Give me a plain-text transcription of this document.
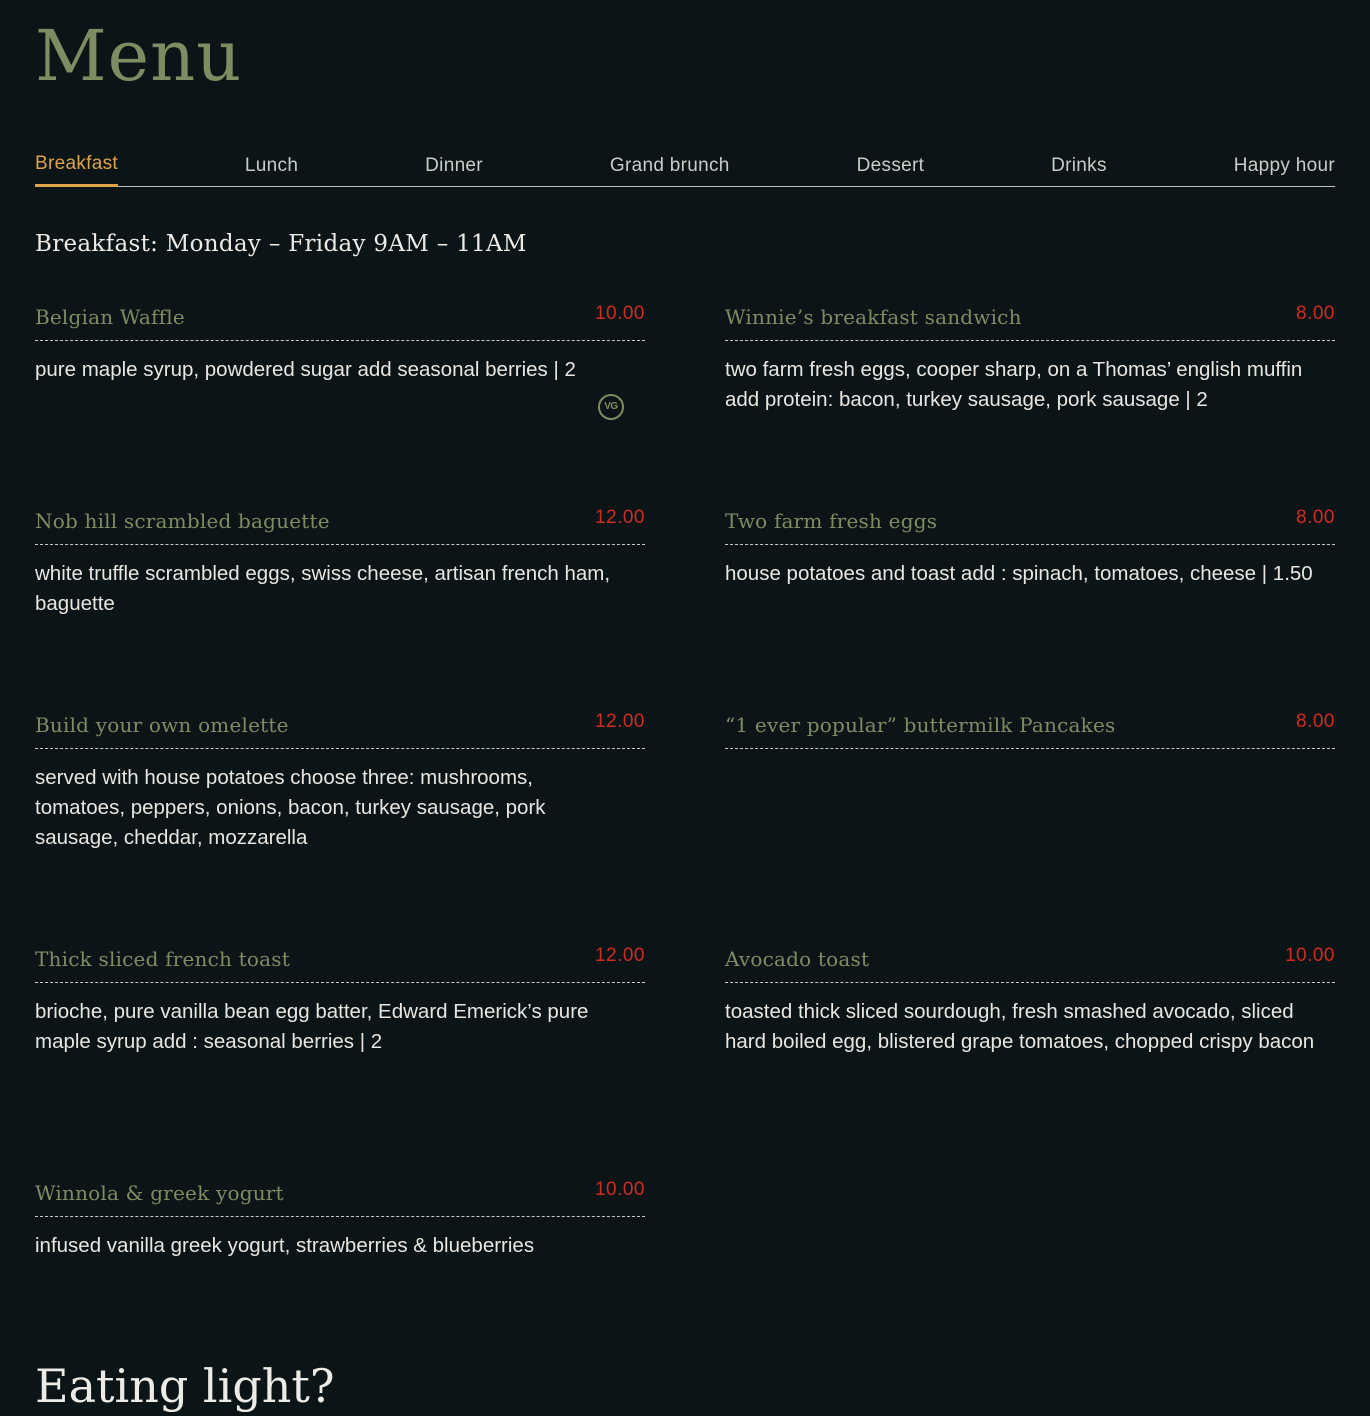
Menu
Breakfast	Lunch	Dinner	Grand brunch	Dessert	Drinks	Happy hour
Breakfast: Monday – Friday 9AM – 11AM
Belgian Waffle	10.00
pure maple syrup, powdered sugar add seasonal berries | 2
VG
Winnie’s breakfast sandwich	8.00
two farm fresh eggs, cooper sharp, on a Thomas’ english muffin add protein: bacon, turkey sausage, pork sausage | 2
Nob hill scrambled baguette	12.00
white truffle scrambled eggs, swiss cheese, artisan french ham, baguette
Two farm fresh eggs	8.00
house potatoes and toast add : spinach, tomatoes, cheese | 1.50
Build your own omelette	12.00
served with house potatoes choose three: mushrooms, tomatoes, peppers, onions, bacon, turkey sausage, pork sausage, cheddar, mozzarella
“1 ever popular” buttermilk Pancakes	8.00
Thick sliced french toast	12.00
brioche, pure vanilla bean egg batter, Edward Emerick’s pure maple syrup add : seasonal berries | 2
Avocado toast	10.00
toasted thick sliced sourdough, fresh smashed avocado, sliced hard boiled egg, blistered grape tomatoes, chopped crispy bacon
Winnola & greek yogurt	10.00
infused vanilla greek yogurt, strawberries & blueberries
Eating light?
